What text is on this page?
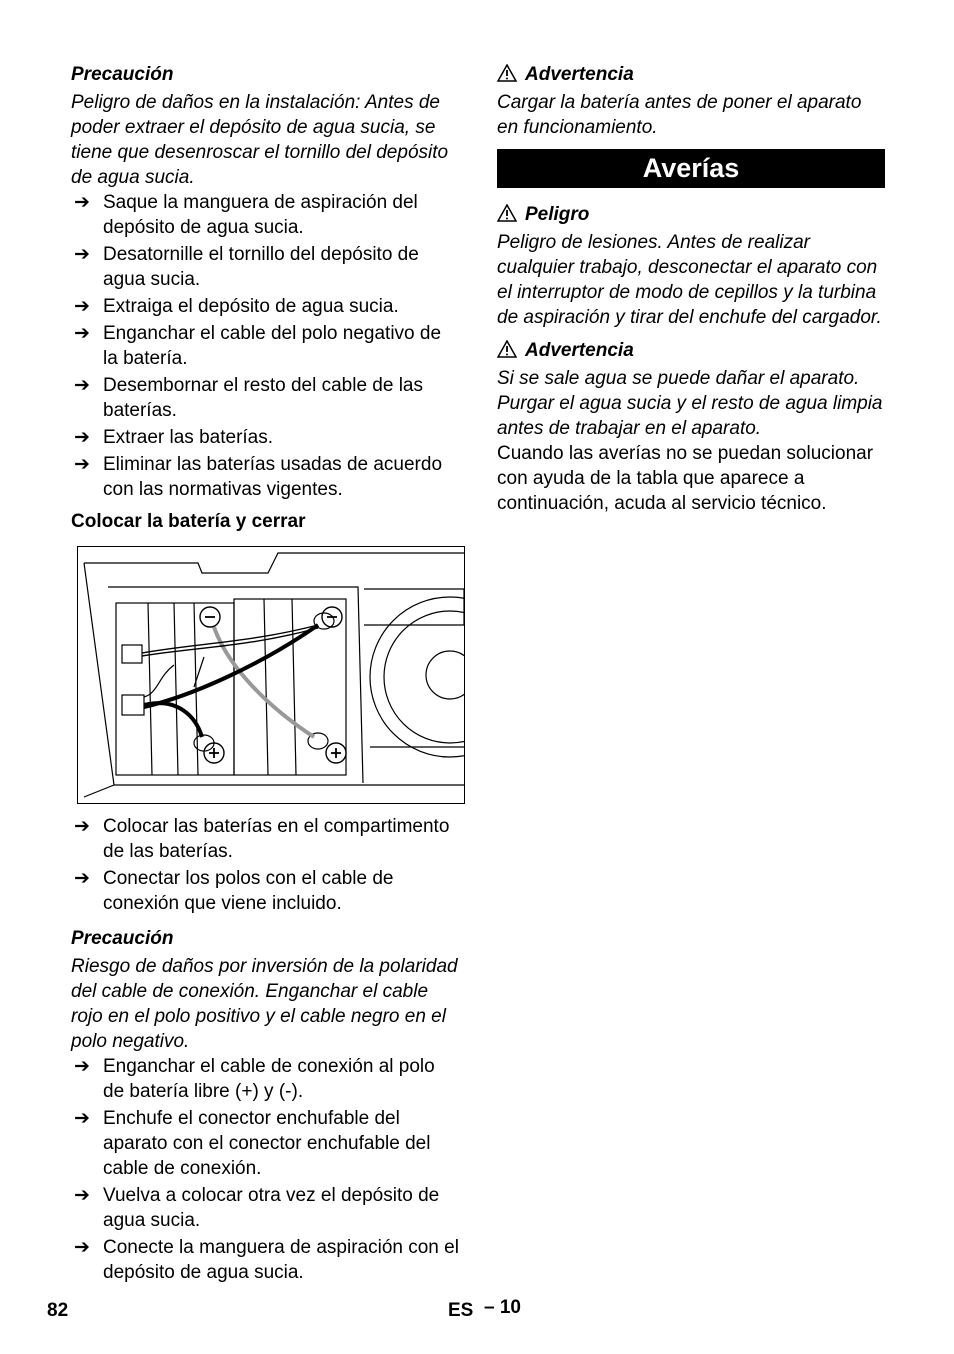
Precaución

Peligro de daños en la instalación: Antes de poder extraer el depósito de agua sucia, se tiene que desenroscar el tornillo del depósito de agua sucia.

➔ Saque la manguera de aspiración del depósito de agua sucia.
➔ Desatornille el tornillo del depósito de agua sucia.
➔ Extraiga el depósito de agua sucia.
➔ Enganchar el cable del polo negativo de la batería.
➔ Desembornar el resto del cable de las baterías.
➔ Extraer las baterías.
➔ Eliminar las baterías usadas de acuerdo con las normativas vigentes.

Colocar la batería y cerrar

➔ Colocar las baterías en el compartimento de las baterías.
➔ Conectar los polos con el cable de conexión que viene incluido.

Precaución

Riesgo de daños por inversión de la polaridad del cable de conexión. Enganchar el cable rojo en el polo positivo y el cable negro en el polo negativo.

➔ Enganchar el cable de conexión al polo de batería libre (+) y (-).
➔ Enchufe el conector enchufable del aparato con el conector enchufable del cable de conexión.
➔ Vuelva a colocar otra vez el depósito de agua sucia.
➔ Conecte la manguera de aspiración con el depósito de agua sucia.

Advertencia

Cargar la batería antes de poner el aparato en funcionamiento.

Averías

Peligro

Peligro de lesiones. Antes de realizar cualquier trabajo, desconectar el aparato con el interruptor de modo de cepillos y la turbina de aspiración y tirar del enchufe del cargador.

Advertencia

Si se sale agua se puede dañar el aparato. Purgar el agua sucia y el resto de agua limpia antes de trabajar en el aparato.

Cuando las averías no se puedan solucionar con ayuda de la tabla que aparece a continuación, acuda al servicio técnico.

82	ES – 10
